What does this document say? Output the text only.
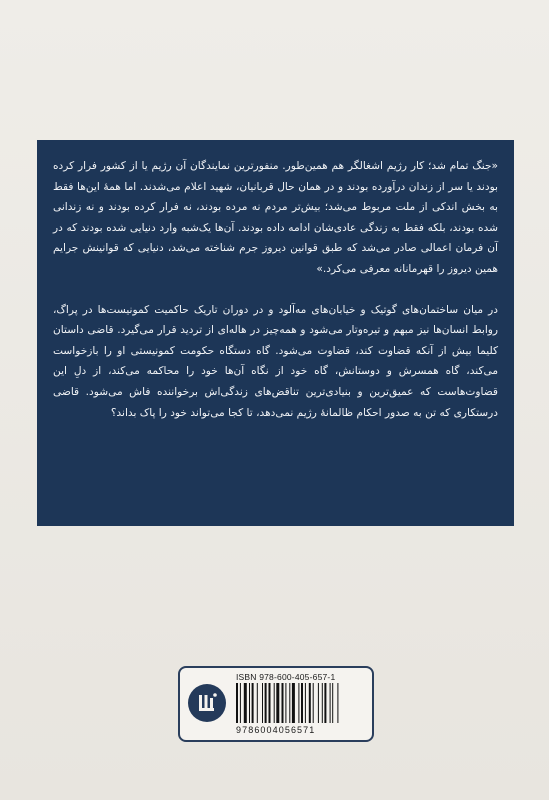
«جنگ تمام شد؛ کار رژیم اشغالگر هم همین‌طور. منفورترین نمایندگان آن رژیم یا از کشور فرار کرده بودند یا سر از زندان درآورده بودند و در همان حال قربانیان، شهید اعلام می‌شدند. اما همهٔ این‌ها فقط به بخش اندکی از ملت مربوط می‌شد؛ بیش‌تر مردم نه مرده بودند، نه فرار کرده بودند و نه زندانی شده بودند، بلکه فقط به زندگی عادی‌شان ادامه داده بودند. آن‌ها یک‌شبه وارد دنیایی شده بودند که در آن فرمان اعمالی صادر می‌شد که طبق قوانین دیروز جرم شناخته می‌شد، دنیایی که قوانینش جرایم همین دیروز را قهرمانانه معرفی می‌کرد.»

در میان ساختمان‌های گوتیک و خیابان‌های مه‌آلود و در دوران تاریک حاکمیت کمونیست‌ها در پراگ، روابط انسان‌ها نیز مبهم و تیره‌وتار می‌شود و همه‌چیز در هاله‌ای از تردید قرار می‌گیرد. قاضی داستان کلیما بیش از آنکه قضاوت کند، قضاوت می‌شود. گاه دستگاه حکومت کمونیستی او را بازخواست می‌کند، گاه همسرش و دوستانش، گاه خود از نگاه آن‌ها خود را محاکمه می‌کند، از دلِ این قضاوت‌هاست که عمیق‌ترین و بنیادی‌ترین تناقض‌های زندگی‌اش برخواننده فاش می‌شود. قاضی درستکاری که تن به صدور احکام ظالمانهٔ رژیم نمی‌دهد، تا کجا می‌تواند خود را پاک بداند؟

ISBN 978-600-405-657-1
9786004056571
